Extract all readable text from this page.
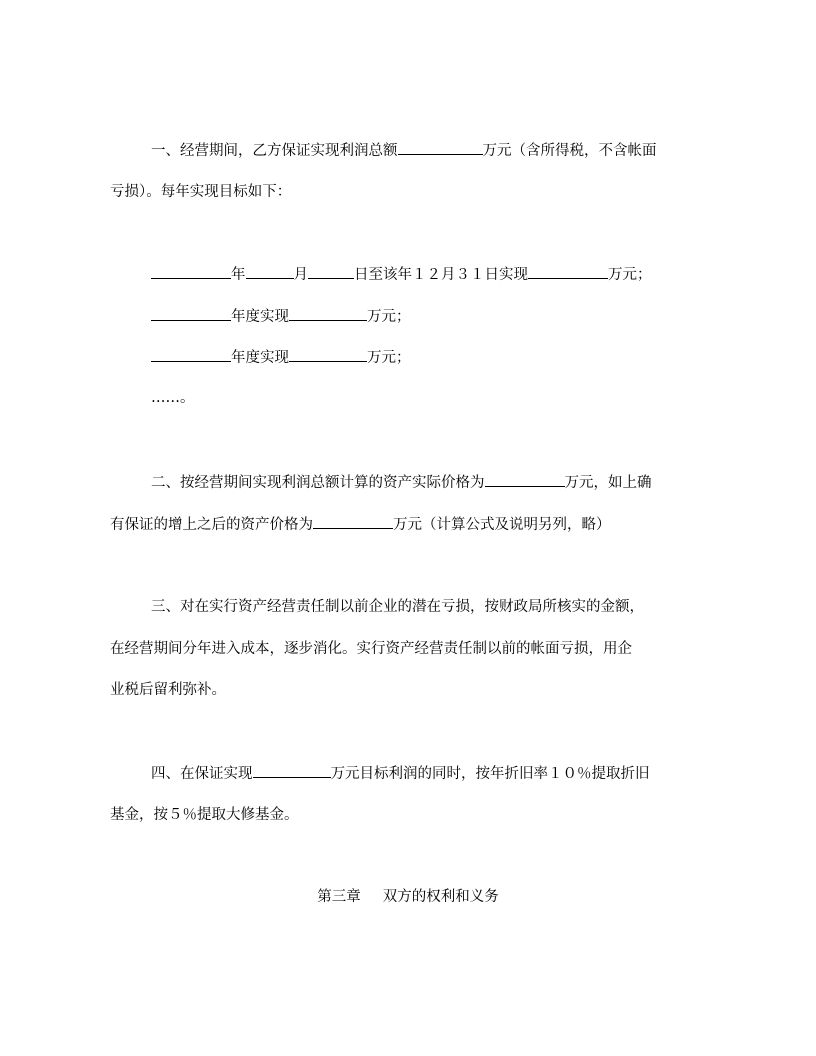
一、经营期间，乙方保证实现利润总额	万元（含所得税，不含帐面
亏损）。每年实现目标如下：
年	月	日至该年１２月３１日实现	万元；
年度实现	万元；
年度实现	万元；
……。
二、按经营期间实现利润总额计算的资产实际价格为	万元，如上确
有保证的增上之后的资产价格为	万元（计算公式及说明另列，略）
三、对在实行资产经营责任制以前企业的潜在亏损，按财政局所核实的金额，
在经营期间分年进入成本，逐步消化。实行资产经营责任制以前的帐面亏损，用企
业税后留利弥补。
四、在保证实现	万元目标利润的同时，按年折旧率１０％提取折旧
基金，按５％提取大修基金。
第三章 双方的权利和义务
